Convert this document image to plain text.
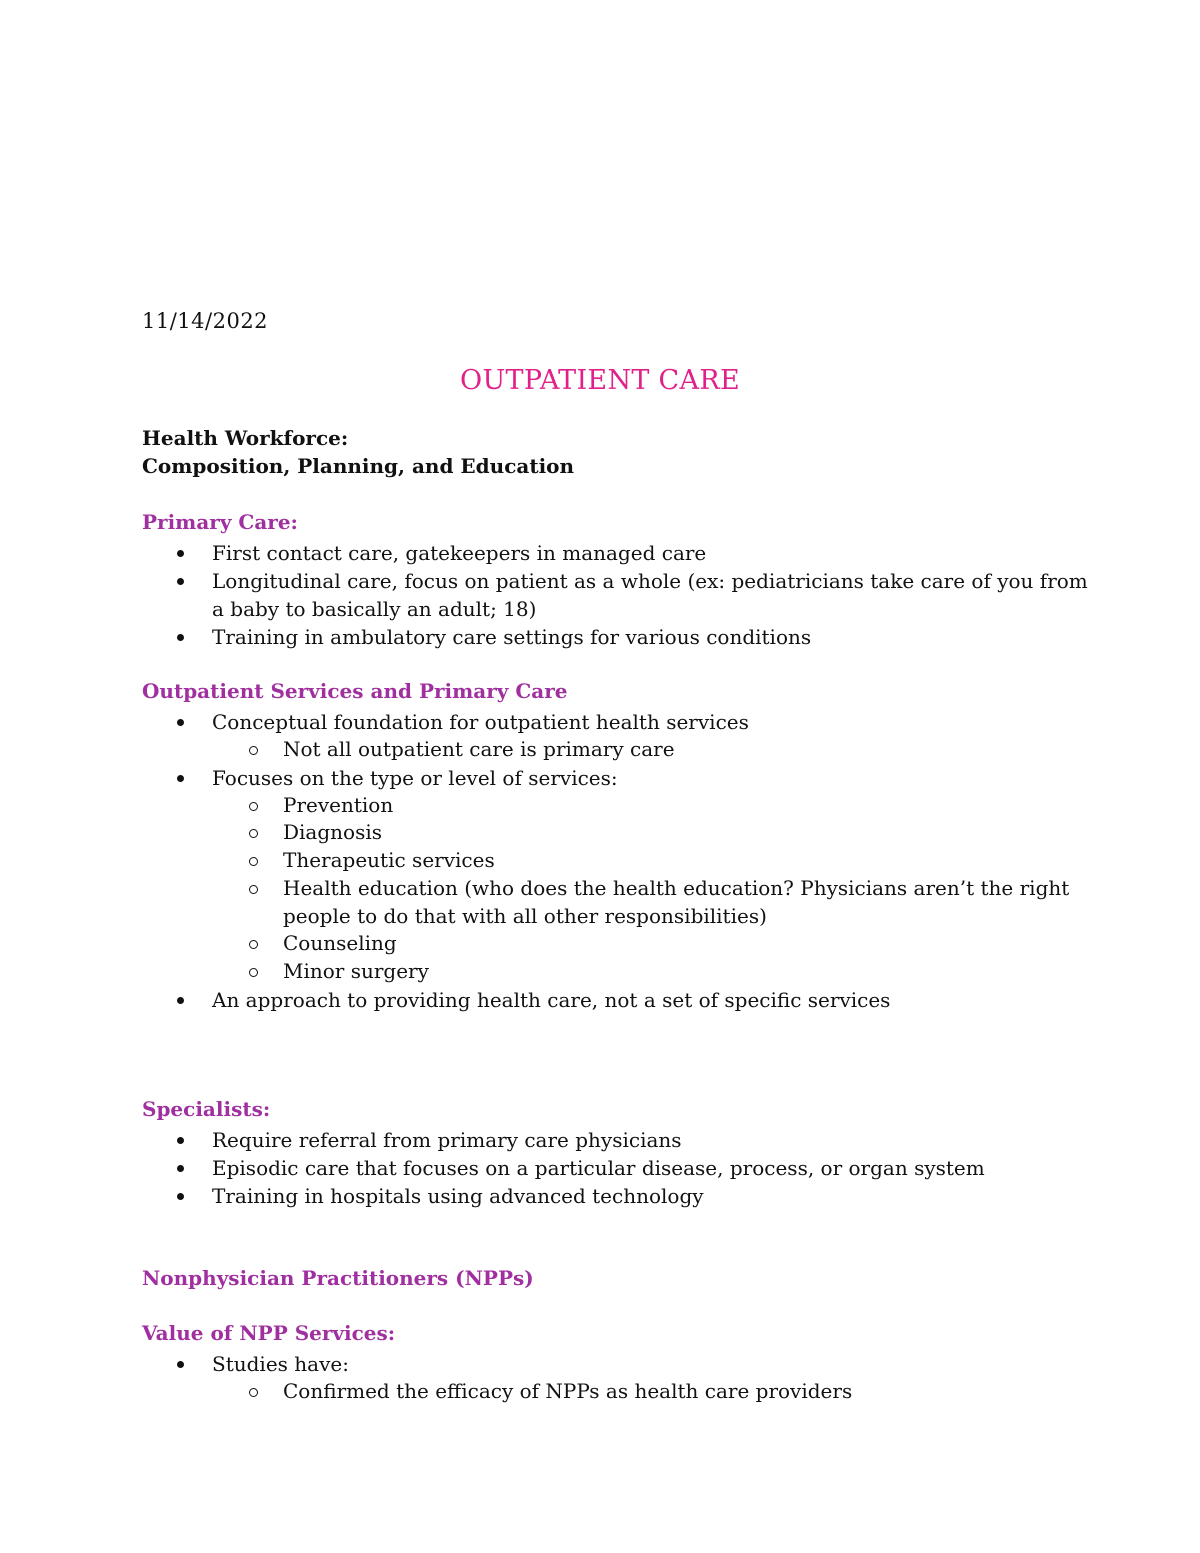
11/14/2022
OUTPATIENT CARE
Health Workforce:
Composition, Planning, and Education
Primary Care:
First contact care, gatekeepers in managed care
Longitudinal care, focus on patient as a whole (ex: pediatricians take care of you from a baby to basically an adult; 18)
Training in ambulatory care settings for various conditions
Outpatient Services and Primary Care
Conceptual foundation for outpatient health services
Not all outpatient care is primary care
Focuses on the type or level of services:
Prevention
Diagnosis
Therapeutic services
Health education (who does the health education? Physicians aren’t the right people to do that with all other responsibilities)
Counseling
Minor surgery
An approach to providing health care, not a set of specific services
Specialists:
Require referral from primary care physicians
Episodic care that focuses on a particular disease, process, or organ system
Training in hospitals using advanced technology
Nonphysician Practitioners (NPPs)
Value of NPP Services:
Studies have:
Confirmed the efficacy of NPPs as health care providers
